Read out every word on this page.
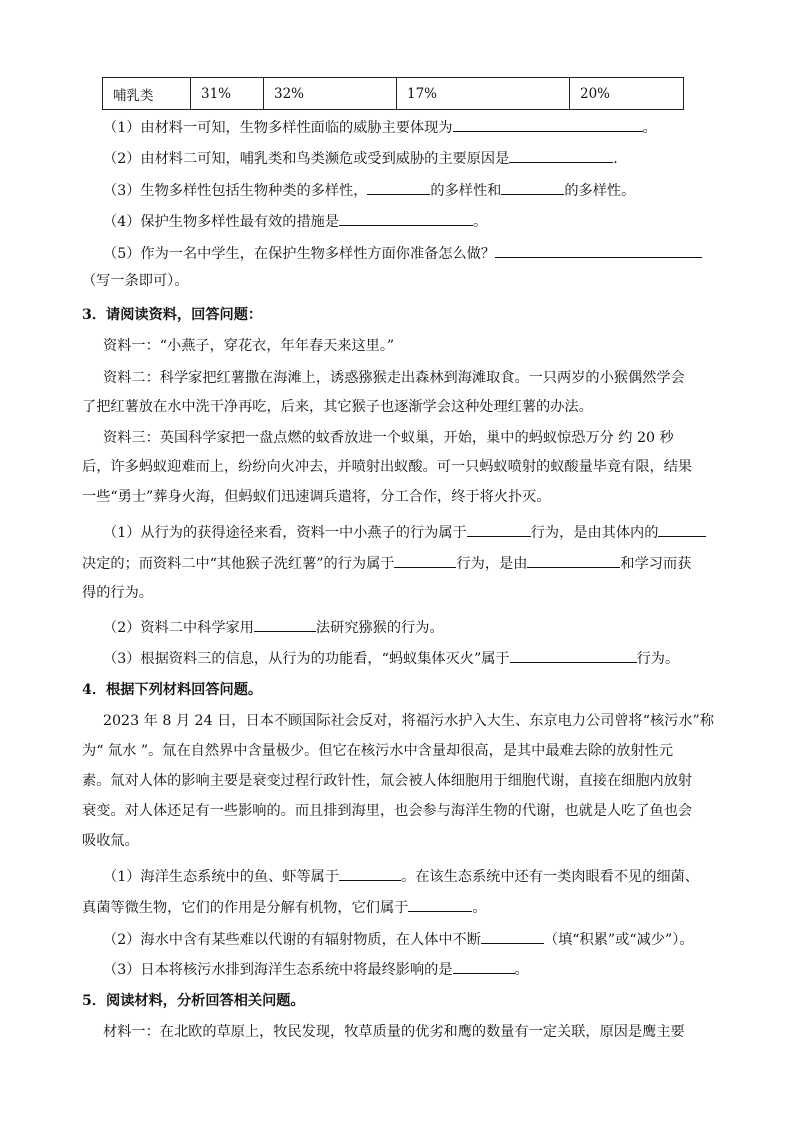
哺乳类	31%	32%	17%	20%
（1）由材料一可知，生物多样性面临的威胁主要体现为	。
（2）由材料二可知，哺乳类和鸟类濒危或受到威胁的主要原因是	.
（3）生物多样性包括生物种类的多样性，	的多样性和	的多样性。
（4）保护生物多样性最有效的措施是	。
（5）作为一名中学生，在保护生物多样性方面你准备怎么做？
（写一条即可）。
3．请阅读资料，回答问题：
资料一：“小燕子，穿花衣，年年春天来这里。”
资料二：科学家把红薯撒在海滩上，诱惑猕猴走出森林到海滩取食。一只两岁的小猴偶然学会
了把红薯放在水中洗干净再吃，后来，其它猴子也逐渐学会这种处理红薯的办法。
资料三：英国科学家把一盘点燃的蚊香放进一个蚁巢，开始，巢中的蚂蚁惊恐万分 约 20 秒
后，许多蚂蚁迎难而上，纷纷向火冲去，并喷射出蚁酸。可一只蚂蚁喷射的蚁酸量毕竟有限，结果
一些“勇士”葬身火海，但蚂蚁们迅速调兵遣将，分工合作，终于将火扑灭。
（1）从行为的获得途径来看，资料一中小燕子的行为属于	行为，是由其体内的
决定的；而资料二中“其他猴子洗红薯”的行为属于	行为，是由	和学习而获
得的行为。
（2）资料二中科学家用	法研究猕猴的行为。
（3）根据资料三的信息，从行为的功能看，“蚂蚁集体灭火”属于	行为。
4．根据下列材料回答问题。
2023 年 8 月 24 日，日本不顾国际社会反对，将福污水护入大生、东京电力公司曾将“核污水”称
为“ 氚水 ”。氚在自然界中含量极少。但它在核污水中含量却很高，是其中最难去除的放射性元
素。氚对人体的影响主要是衰变过程行政针性，氚会被人体细胞用于细胞代谢，直接在细胞内放射
衰变。对人体还足有一些影响的。而且排到海里，也会参与海洋生物的代谢，也就是人吃了鱼也会
吸收氚。
（1）海洋生态系统中的鱼、虾等属于	。在该生态系统中还有一类肉眼看不见的细菌、
真菌等微生物，它们的作用是分解有机物，它们属于	。
（2）海水中含有某些难以代谢的有辐射物质，在人体中不断	（填“积累”或“减少”）。
（3）日本将核污水排到海洋生态系统中将最终影响的是	。
5．阅读材料，分析回答相关问题。
材料一：在北欧的草原上，牧民发现，牧草质量的优劣和鹰的数量有一定关联，原因是鹰主要
